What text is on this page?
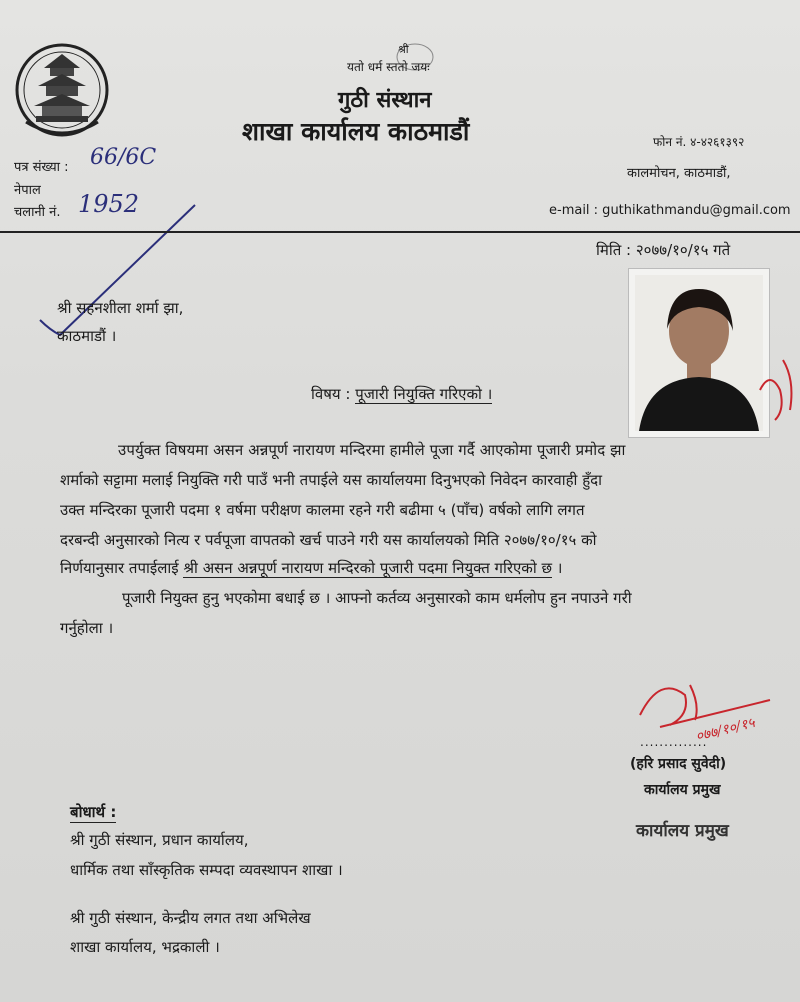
श्री
यतो धर्म स्ततो जयः
गुठी संस्थान
शाखा कार्यालय काठमाडौं	फोन नं. ४-४२६१३९२
कालमोचन, काठमाडौं,
e-mail : guthikathmandu@gmail.com
पत्र संख्या : 66/6C
नेपाल
चलानी नं. 1952
मिति : २०७७/१०/१५ गते
श्री सहनशीला शर्मा झा,
काठमाडौं ।
विषय : पूजारी नियुक्ति गरिएको ।
उपर्युक्त विषयमा असन अन्नपूर्ण नारायण मन्दिरमा हामीले पूजा गर्दै आएकोमा पूजारी प्रमोद झा
शर्माको सट्टामा मलाई नियुक्ति गरी पाउँ भनी तपाईले यस कार्यालयमा दिनुभएको निवेदन कारवाही हुँदा
उक्त मन्दिरका पूजारी पदमा १ वर्षमा परीक्षण कालमा रहने गरी बढीमा ५ (पाँच) वर्षको लागि लगत
दरबन्दी अनुसारको नित्य र पर्वपूजा वापतको खर्च पाउने गरी यस कार्यालयको मिति २०७७/१०/१५ को
निर्णयानुसार तपाईलाई श्री असन अन्नपूर्ण नारायण मन्दिरको पूजारी पदमा नियुक्त गरिएको छ ।
पूजारी नियुक्त हुनु भएकोमा बधाई छ । आफ्नो कर्तव्य अनुसारको काम धर्मलोप हुन नपाउने गरी
गर्नुहोला ।
०७७/१०/१५
..............
(हरि प्रसाद सुवेदी)
कार्यालय प्रमुख
कार्यालय प्रमुख
बोधार्थ :
श्री गुठी संस्थान, प्रधान कार्यालय,
धार्मिक तथा साँस्कृतिक सम्पदा व्यवस्थापन शाखा ।
श्री गुठी संस्थान, केन्द्रीय लगत तथा अभिलेख
शाखा कार्यालय, भद्रकाली ।
